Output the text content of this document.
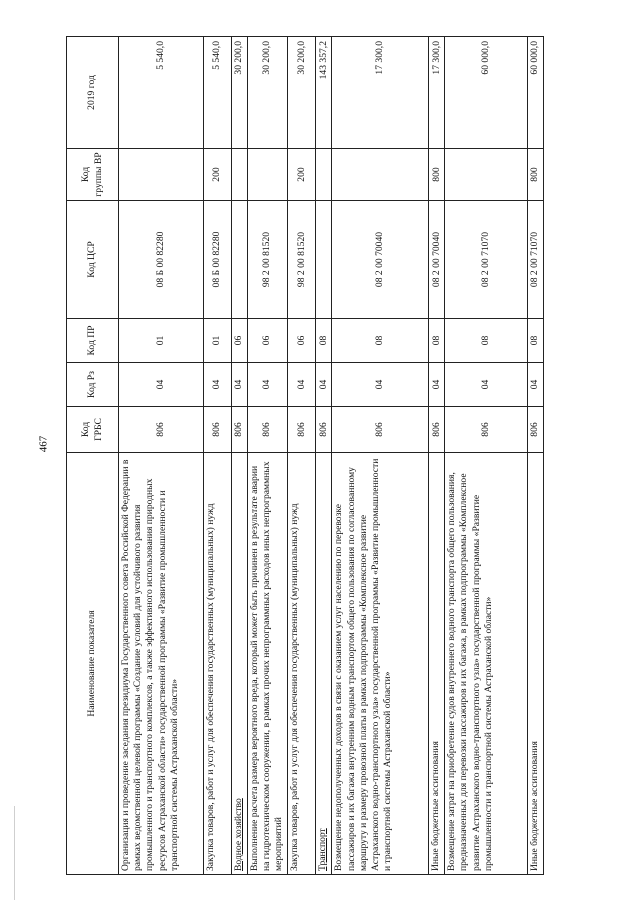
467
Наименование показателя	Код ГРБС	Код Рз	Код ПР	Код ЦСР	Код группы ВР	2019 год
Организация и проведение заседания президиума Государственного совета Российской Федерации в рамках ведомственной целевой программы «Создание условий для устойчивого развития промышленного и транспортного комплексов, а также эффективного использования природных ресурсов Астраханской области» государственной программы «Развитие промышленности и транспортной системы Астраханской области»	806	04	01	08 Б 00 82280		5 540,0
Закупка товаров, работ и услуг для обеспечения государственных (муниципальных) нужд	806	04	01	08 Б 00 82280	200	5 540,0
Водное хозяйство	806	04	06			30 200,0
Выполнение расчета размера вероятного вреда, который может быть причинен в результате аварии на гидротехническом сооружении, в рамках прочих непрограммных расходов иных непрограммных мероприятий	806	04	06	98 2 00 81520		30 200,0
Закупка товаров, работ и услуг для обеспечения государственных (муниципальных) нужд	806	04	06	98 2 00 81520	200	30 200,0
Транспорт	806	04	08			143 357,2
Возмещение недополученных доходов в связи с оказанием услуг населению по перевозке пассажиров и их багажа внутренним водным транспортом общего пользования по согласованному маршруту и размеру провозной платы в рамках подпрограммы «Комплексное развитие Астраханского водно-транспортного узла» государственной программы «Развитие промышленности и транспортной системы Астраханской области»	806	04	08	08 2 00 70040		17 300,0
Иные бюджетные ассигнования	806	04	08	08 2 00 70040	800	17 300,0
Возмещение затрат на приобретение судов внутреннего водного транспорта общего пользования, предназначенных для перевозки пассажиров и их багажа, в рамках подпрограммы «Комплексное развитие Астраханского водно-транспортного узла» государственной программы «Развитие промышленности и транспортной системы Астраханской области»	806	04	08	08 2 00 71070		60 000,0
Иные бюджетные ассигнования	806	04	08	08 2 00 71070	800	60 000,0
